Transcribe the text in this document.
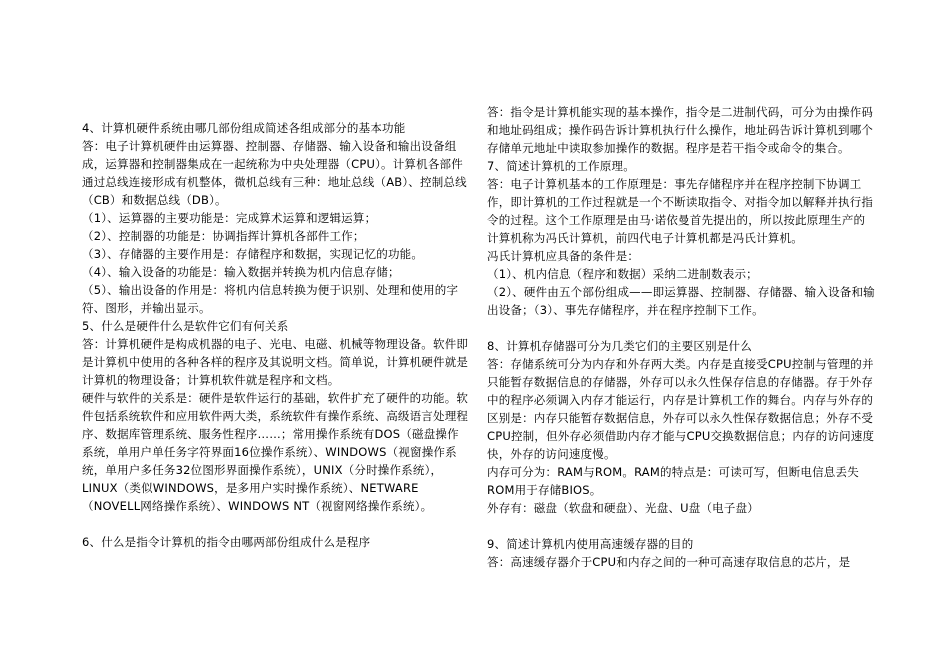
4、计算机硬件系统由哪几部份组成简述各组成部分的基本功能

答：电子计算机硬件由运算器、控制器、存储器、输入设备和输出设备组成，运算器和控制器集成在一起统称为中央处理器（CPU）。计算机各部件通过总线连接形成有机整体，微机总线有三种：地址总线（AB）、控制总线（CB）和数据总线（DB）。

（1）、运算器的主要功能是：完成算术运算和逻辑运算；

（2）、控制器的功能是：协调指挥计算机各部件工作；

（3）、存储器的主要作用是：存储程序和数据，实现记忆的功能。

（4）、输入设备的功能是：输入数据并转换为机内信息存储；

（5）、输出设备的作用是：将机内信息转换为便于识别、处理和使用的字符、图形，并输出显示。

5、什么是硬件什么是软件它们有何关系

答：计算机硬件是构成机器的电子、光电、电磁、机械等物理设备。软件即是计算机中使用的各种各样的程序及其说明文档。简单说，计算机硬件就是计算机的物理设备；计算机软件就是程序和文档。

硬件与软件的关系是：硬件是软件运行的基础，软件扩充了硬件的功能。软件包括系统软件和应用软件两大类，系统软件有操作系统、高级语言处理程序、数据库管理系统、服务性程序……；常用操作系统有DOS（磁盘操作系统，单用户单任务字符界面16位操作系统）、WINDOWS（视窗操作系统，单用户多任务32位图形界面操作系统），UNIX（分时操作系统），LINUX（类似WINDOWS，是多用户实时操作系统）、NETWARE（NOVELL网络操作系统）、WINDOWS NT（视窗网络操作系统）。

6、什么是指令计算机的指令由哪两部份组成什么是程序

答：指令是计算机能实现的基本操作，指令是二进制代码，可分为由操作码和地址码组成；操作码告诉计算机执行什么操作，地址码告诉计算机到哪个存储单元地址中读取参加操作的数据。程序是若干指令或命令的集合。

7、简述计算机的工作原理。

答：电子计算机基本的工作原理是：事先存储程序并在程序控制下协调工作，即计算机的工作过程就是一个不断读取指令、对指令加以解释并执行指令的过程。这个工作原理是由马·诺依曼首先提出的，所以按此原理生产的计算机称为冯氏计算机，前四代电子计算机都是冯氏计算机。

冯氏计算机应具备的条件是：

（1）、机内信息（程序和数据）采纳二进制数表示；

（2）、硬件由五个部份组成——即运算器、控制器、存储器、输入设备和输出设备；（3）、事先存储程序，并在程序控制下工作。

8、计算机存储器可分为几类它们的主要区别是什么

答：存储系统可分为内存和外存两大类。内存是直接受CPU控制与管理的并只能暂存数据信息的存储器，外存可以永久性保存信息的存储器。存于外存中的程序必须调入内存才能运行，内存是计算机工作的舞台。内存与外存的区别是：内存只能暂存数据信息，外存可以永久性保存数据信息；外存不受CPU控制，但外存必须借助内存才能与CPU交换数据信息；内存的访问速度快，外存的访问速度慢。

内存可分为：RAM与ROM。RAM的特点是：可读可写，但断电信息丢失ROM用于存储BIOS。

外存有：磁盘（软盘和硬盘）、光盘、U盘（电子盘）

9、简述计算机内使用高速缓存器的目的

答：高速缓存器介于CPU和内存之间的一种可高速存取信息的芯片，是
